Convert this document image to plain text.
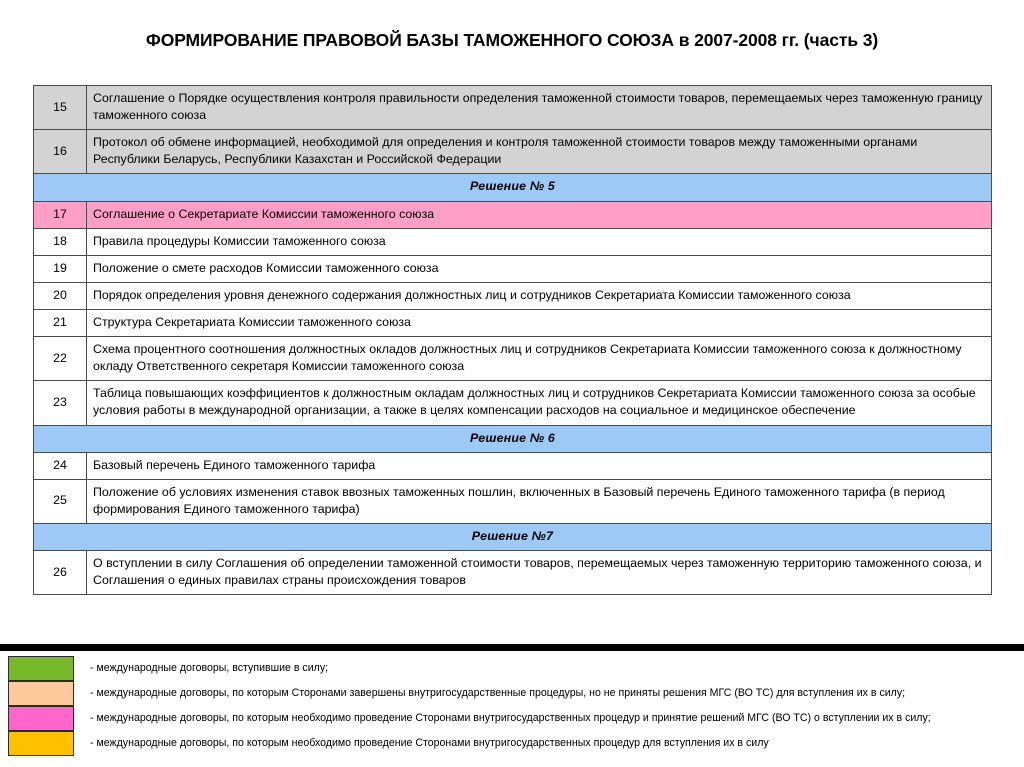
ФОРМИРОВАНИЕ ПРАВОВОЙ БАЗЫ ТАМОЖЕННОГО СОЮЗА в 2007-2008 гг. (часть 3)
15	Соглашение о Порядке осуществления контроля правильности определения таможенной стоимости товаров, перемещаемых через таможенную границу таможенного союза
16	Протокол об обмене информацией, необходимой для определения и контроля таможенной стоимости товаров между таможенными органами Республики Беларусь, Республики Казахстан и Российской Федерации
Решение № 5	
17	Соглашение о Секретариате Комиссии таможенного союза
18	Правила процедуры Комиссии таможенного союза
19	Положение о смете расходов Комиссии таможенного союза
20	Порядок определения уровня денежного содержания должностных лиц и сотрудников Секретариата Комиссии таможенного союза
21	Структура Секретариата Комиссии таможенного союза
22	Схема процентного соотношения должностных окладов должностных лиц и сотрудников Секретариата Комиссии таможенного союза к должностному окладу Ответственного секретаря Комиссии таможенного союза
23	Таблица повышающих коэффициентов к должностным окладам должностных лиц и сотрудников Секретариата Комиссии таможенного союза за особые условия работы в международной организации, а также в целях компенсации расходов на социальное и медицинское обеспечение
Решение № 6	
24	Базовый перечень Единого таможенного тарифа
25	Положение об условиях изменения ставок ввозных таможенных пошлин, включенных в Базовый перечень Единого таможенного тарифа (в период формирования Единого таможенного тарифа)
Решение №7	
26	О вступлении в силу Соглашения об определении таможенной стоимости товаров, перемещаемых через таможенную территорию таможенного союза, и Соглашения о единых правилах страны происхождения товаров
- международные договоры, вступившие в силу;
- международные договоры, по которым Сторонами завершены внутригосударственные процедуры, но не приняты решения МГС (ВО ТС) для вступления их в силу;
- международные договоры, по которым необходимо проведение Сторонами внутригосударственных процедур и принятие решений МГС (ВО ТС) о вступлении их в силу;
- международные договоры, по которым необходимо проведение Сторонами внутригосударственных процедур для вступления их в силу
